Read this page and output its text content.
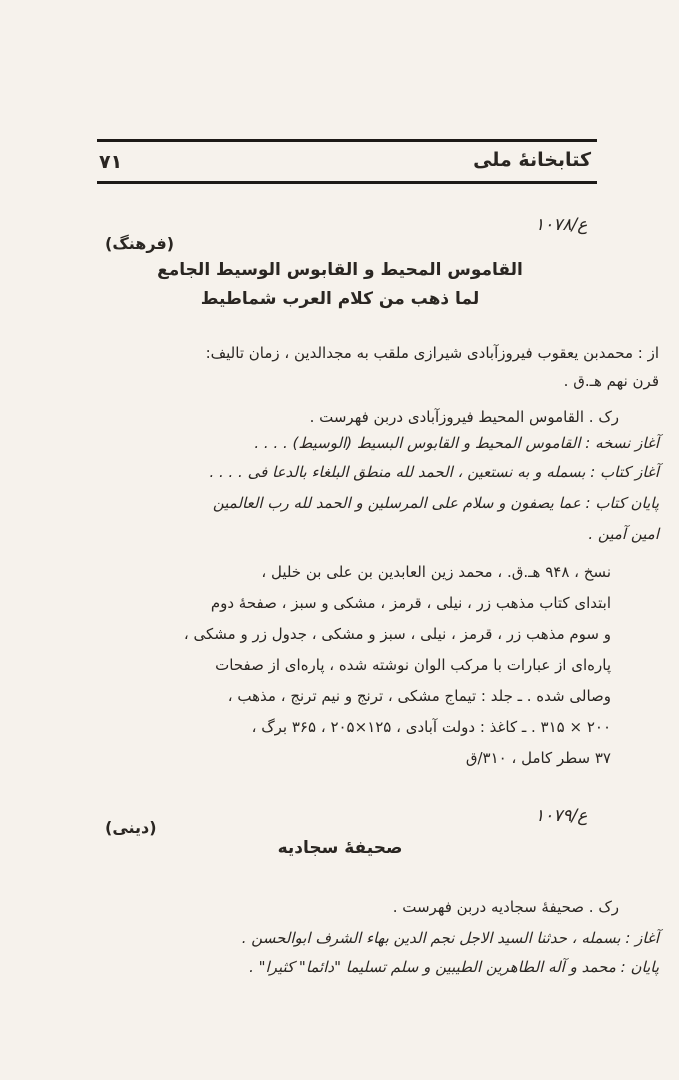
کتابخانهٔ ملی
۷۱
۱۰۷۸/ع
(فرهنگ)
القاموس المحیط و القابوس الوسیط الجامع
لما ذهب من کلام العرب شماطیط
از : محمدبن یعقوب فیروزآبادی شیرازی ملقب به مجدالدین ، زمان تالیف:
قرن نهم هـ.ق .
رک . القاموس المحیط فیروزآبادی دربن فهرست .
آغاز نسخه : القاموس المحیط و القابوس البسیط (الوسیط) . . . .
آغاز کتاب : بسمله و به نستعین ، الحمد لله منطق البلغاء بالدعا فی . . . .
پایان کتاب : عما یصفون و سلام علی المرسلین و الحمد لله رب العالمین
امین آمین .
نسخ ، ۹۴۸ هـ.ق. ، محمد زین العابدین بن علی بن خلیل ،
ابتدای کتاب مذهب زر ، نیلی ، قرمز ، مشکی و سبز ، صفحهٔ دوم
و سوم مذهب زر ، قرمز ، نیلی ، سبز و مشکی ، جدول زر و مشکی ،
پاره‌ای از عبارات با مرکب الوان نوشته شده ، پاره‌ای از صفحات
وصالی شده . ـ جلد : تیماج مشکی ، ترنج و نیم ترنج ، مذهب ،
۲۰۰ × ۳۱۵ . ـ کاغذ : دولت آبادی ، ۱۲۵×۲۰۵ ، ۳۶۵ برگ ،
۳۷ سطر کامل ، ۳۱۰/ق
۱۰۷۹/ع
(دینی)
صحیفهٔ سجادیه
رک . صحیفهٔ سجادیه دربن فهرست .
آغاز : بسمله ، حدثنا السید الاجل نجم الدین بهاء الشرف ابوالحسن .
پایان : محمد و آله الطاهرین الطیبین و سلم تسلیما "دائما" کثیرا" .
